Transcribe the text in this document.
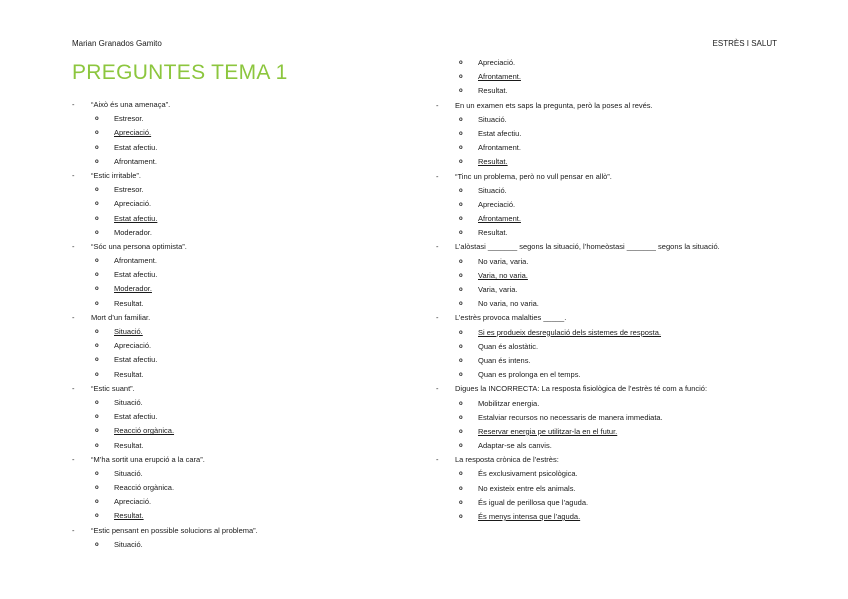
Marian Granados Gamito	ESTRÈS I SALUT
PREGUNTES TEMA 1
- “Això és una amenaça”.
o Estresor.
o Apreciació.
o Estat afectiu.
o Afrontament.
- “Estic irritable”.
o Estresor.
o Apreciació.
o Estat afectiu.
o Moderador.
- “Sóc una persona optimista”.
o Afrontament.
o Estat afectiu.
o Moderador.
o Resultat.
- Mort d’un familiar.
o Situació.
o Apreciació.
o Estat afectiu.
o Resultat.
- “Estic suant”.
o Situació.
o Estat afectiu.
o Reacció orgànica.
o Resultat.
- “M’ha sortit una erupció a la cara”.
o Situació.
o Reacció orgànica.
o Apreciació.
o Resultat.
- “Estic pensant en possible solucions al problema”.
o Situació.
o Apreciació.
o Afrontament.
o Resultat.
- En un examen ets saps la pregunta, però la poses al revés.
o Situació.
o Estat afectiu.
o Afrontament.
o Resultat.
- “Tinc un problema, però no vull pensar en allò”.
o Situació.
o Apreciació.
o Afrontament.
o Resultat.
- L’alòstasi _______ segons la situació, l’homeòstasi _______ segons la situació.
o No varia, varia.
o Varia, no varia.
o Varia, varia.
o No varia, no varia.
- L’estrès provoca malalties _____.
o Si es produeix desregulació dels sistemes de resposta.
o Quan és alostàtic.
o Quan és intens.
o Quan es prolonga en el temps.
- Digues la INCORRECTA: La resposta fisiològica de l’estrès té com a funció:
o Mobilitzar energia.
o Estalviar recursos no necessaris de manera immediata.
o Reservar energia pe utilitzar-la en el futur.
o Adaptar-se als canvis.
- La resposta crònica de l’estrès:
o És exclusivament psicològica.
o No existeix entre els animals.
o És igual de perillosa que l’aguda.
o És menys intensa que l’aguda.
